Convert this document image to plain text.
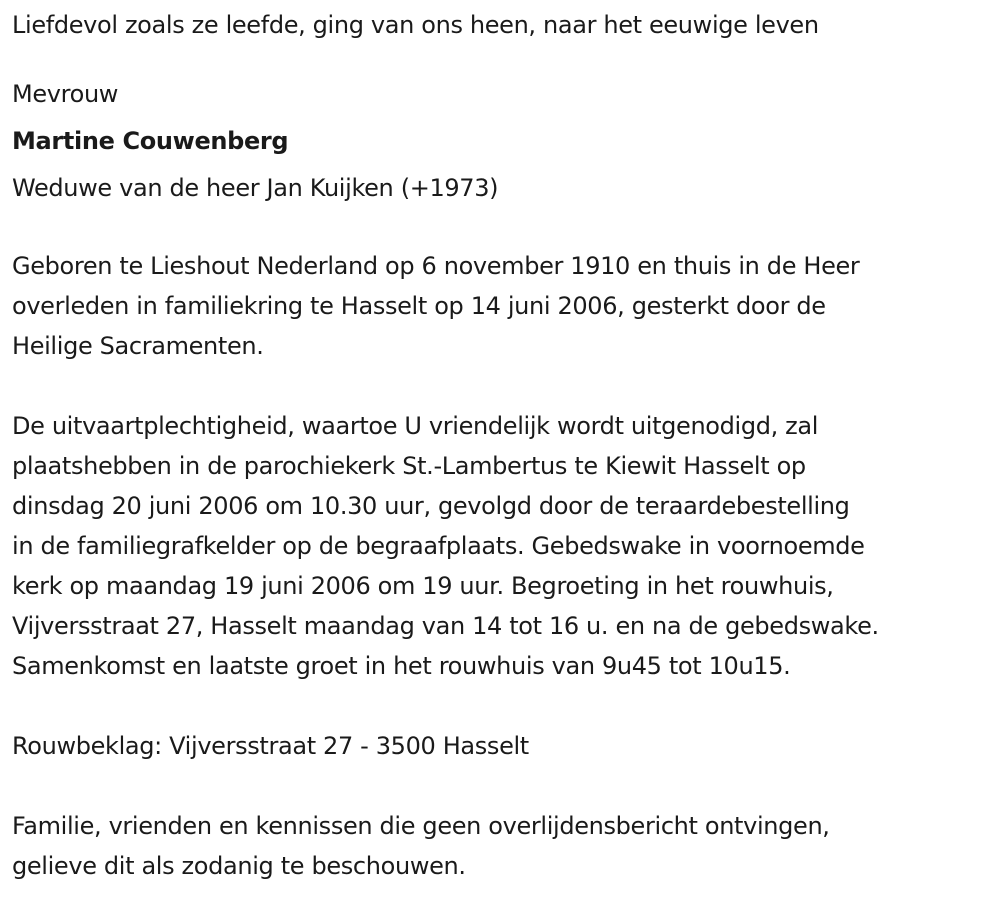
Liefdevol zoals ze leefde, ging van ons heen, naar het eeuwige leven
Mevrouw
Martine Couwenberg
Weduwe van de heer Jan Kuijken (+1973)
Geboren te Lieshout Nederland op 6 november 1910 en thuis in de Heer
overleden in familiekring te Hasselt op 14 juni 2006, gesterkt door de
Heilige Sacramenten.
De uitvaartplechtigheid, waartoe U vriendelijk wordt uitgenodigd, zal
plaatshebben in de parochiekerk St.-Lambertus te Kiewit Hasselt op
dinsdag 20 juni 2006 om 10.30 uur, gevolgd door de teraardebestelling
in de familiegrafkelder op de begraafplaats. Gebedswake in voornoemde
kerk op maandag 19 juni 2006 om 19 uur. Begroeting in het rouwhuis,
Vijversstraat 27, Hasselt maandag van 14 tot 16 u. en na de gebedswake.
Samenkomst en laatste groet in het rouwhuis van 9u45 tot 10u15.
Rouwbeklag: Vijversstraat 27 - 3500 Hasselt
Familie, vrienden en kennissen die geen overlijdensbericht ontvingen,
gelieve dit als zodanig te beschouwen.
